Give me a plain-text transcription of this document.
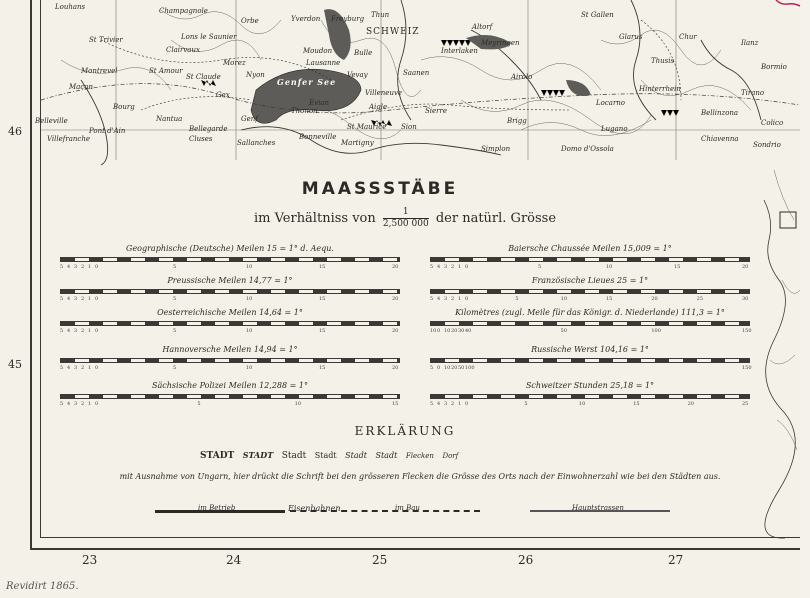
Louhans	Champagnole
Orbe	Yverdon Freyburg Thun
Altorf
St Gallen
Chur
St Trivier	Lons le Saunier
Clairvaux	Moudon	Bulle	Interlaken
Meyringen
Glarus
Ilanz
Montrevel	St Amour
Morez	Lausanne
Vevay	Saanen	Airolo
Thusis
Hinterrhein
Macon
Bourg
St Claude
Gex
Nyon
Evian
Villeneuve
Aigle
Sion
Sierre
Brigg
Bellinzona
Chiavenna
Belleville	Nantua	Genf
Thonon
Bonneville
St Maurice
Martigny
Simplon
Villefranche
Pont d'Ain	Bellegarde
Sallanches
Cluses
Domo d'Ossola
Locarno
Lugano
Tirano
Bormio
Colico
Sondrio
Genfer See
SCHWEIZ
46
45
23	24	25	26	27
Revidirt 1865.
MAASSSTÄBE
im Verhältniss von $\frac{1}{2,500 000}$ der natürl. Grösse
Geographische (Deutsche) Meilen 15 = 1° d. Aequ.
5 4 3 2 1 0	5	10	15	20
Preussische Meilen 14,77 = 1°
5 4 3 2 1 0	5	10	15	20
Oesterreichische Meilen 14,64 = 1°
5 4 3 2 1 0	5	10	15	20
Hannoversche Meilen 14,94 = 1°
5 4 3 2 1 0	5	10	15	20
Sächsische Polizei Meilen 12,288 = 1°
5 4 3 2 1 0	5	10	15
Baiersche Chaussée Meilen 15,009 = 1°
5 4 3 2 1 0	5	10	15	20
Französische Lieues 25 = 1°
5 4 3 2 1 0	5	10	15	20	25	30
Kilomètres (zugl. Meile für das Königr. d. Niederlande) 111,3 = 1°
10 0 10 20 30 40	50	100	150
Russische Werst 104,16 = 1°
5 0 10 20 50 100	150
Schweitzer Stunden 25,18 = 1°
5 4 3 2 1 0	5	10	15	20	25
ERKLÄRUNG
STADT STADT Stadt Stadt Stadt Stadt Flecken Dorf
mit Ausnahme von Ungarn, hier drückt die Schrift bei den grösseren Flecken die Grösse des Orts nach der Einwohnerzahl wie bei den Städten aus.
im Betrieb	Eisenbahnen	im Bau	Hauptstrassen
